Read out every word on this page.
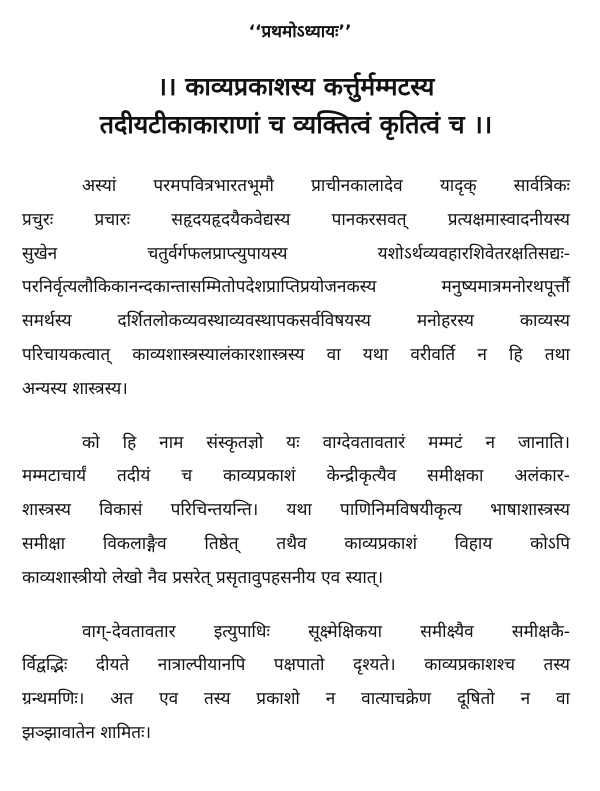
‘‘प्रथमोऽध्यायः’’
।। काव्यप्रकाशस्य कर्त्तुर्मम्मटस्य
तदीयटीकाकाराणां च व्यक्तित्वं कृतित्वं च ।।
अस्यां परमपवित्रभारतभूमौ प्राचीनकालादेव यादृक् सार्वत्रिकः
प्रचुरः प्रचारः सहृदयहृदयैकवेद्यस्य पानकरसवत् प्रत्यक्षमास्वादनीयस्य
सुखेन चतुर्वर्गफलप्राप्त्युपायस्य यशोऽर्थव्यवहारशिवेतरक्षतिसद्यः-
परनिर्वृत्यलौकिकानन्दकान्तासम्मितोपदेशप्राप्तिप्रयोजनकस्य मनुष्यमात्रमनोरथपूर्त्तौ
समर्थस्य दर्शितलोकव्यवस्थाव्यवस्थापकसर्वविषयस्य मनोहरस्य काव्यस्य
परिचायकत्वात् काव्यशास्त्रस्यालंकारशास्त्रस्य वा यथा वरीवर्ति न हि तथा
अन्यस्य शास्त्रस्य।
को हि नाम संस्कृतज्ञो यः वाग्देवतावतारं मम्मटं न जानाति।
मम्मटाचार्यं तदीयं च काव्यप्रकाशं केन्द्रीकृत्यैव समीक्षका अलंकार-
शास्त्रस्य विकासं परिचिन्तयन्ति। यथा पाणिनिमविषयीकृत्य भाषाशास्त्रस्य
समीक्षा विकलाङ्गैव तिष्ठेत् तथैव काव्यप्रकाशं विहाय कोऽपि
काव्यशास्त्रीयो लेखो नैव प्रसरेत् प्रसृतावुपहसनीय एव स्यात्।
वाग्-देवतावतार इत्युपाधिः सूक्ष्मेक्षिकया समीक्ष्यैव समीक्षकै-
र्विद्वद्भिः दीयते नात्राल्पीयानपि पक्षपातो दृश्यते। काव्यप्रकाशश्च तस्य
ग्रन्थमणिः। अत एव तस्य प्रकाशो न वात्याचक्रेण दूषितो न वा
झञ्झावातेन शामितः।
